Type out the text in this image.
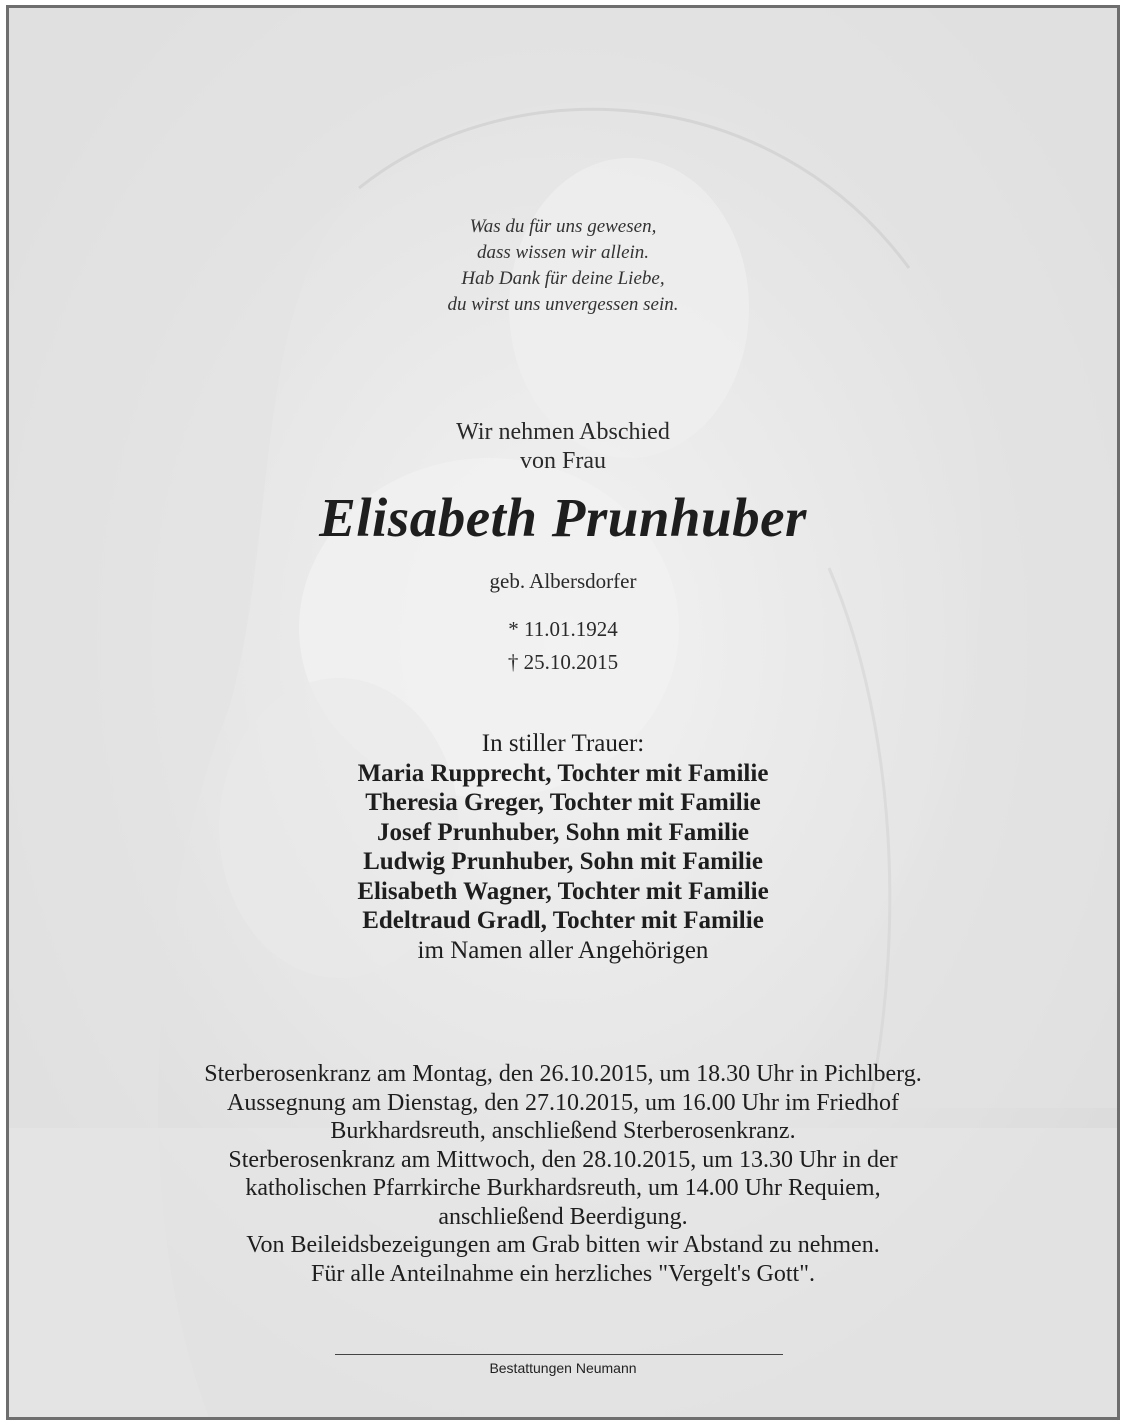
Was du für uns gewesen,
dass wissen wir allein.
Hab Dank für deine Liebe,
du wirst uns unvergessen sein.
Wir nehmen Abschied
von Frau
Elisabeth Prunhuber
geb. Albersdorfer
* 11.01.1924
† 25.10.2015
In stiller Trauer:
Maria Rupprecht, Tochter mit Familie
Theresia Greger, Tochter mit Familie
Josef Prunhuber, Sohn mit Familie
Ludwig Prunhuber, Sohn mit Familie
Elisabeth Wagner, Tochter mit Familie
Edeltraud Gradl, Tochter mit Familie
im Namen aller Angehörigen
Sterberosenkranz am Montag, den 26.10.2015, um 18.30 Uhr in Pichlberg.
Aussegnung am Dienstag, den 27.10.2015, um 16.00 Uhr im Friedhof
Burkhardsreuth, anschließend Sterberosenkranz.
Sterberosenkranz am Mittwoch, den 28.10.2015, um 13.30 Uhr in der
katholischen Pfarrkirche Burkhardsreuth, um 14.00 Uhr Requiem,
anschließend Beerdigung.
Von Beileidsbezeigungen am Grab bitten wir Abstand zu nehmen.
Für alle Anteilnahme ein herzliches "Vergelt's Gott".
Bestattungen Neumann
